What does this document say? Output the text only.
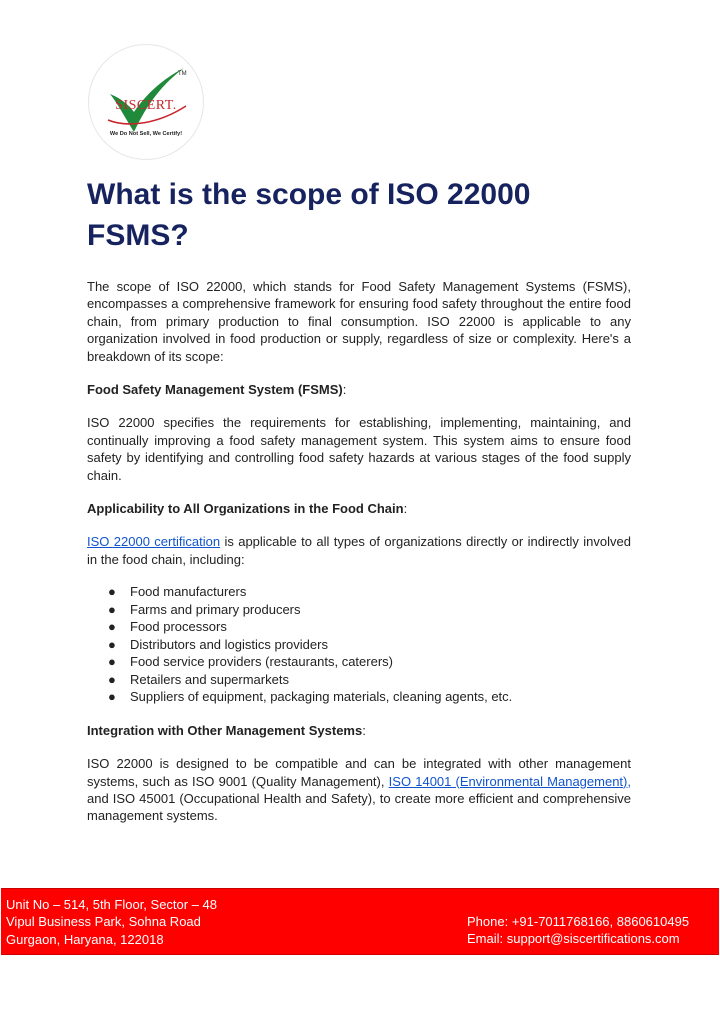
TM
SISCERT.
We Do Not Sell, We Certify!
What is the scope of ISO 22000 FSMS?

The scope of ISO 22000, which stands for Food Safety Management Systems (FSMS), encompasses a comprehensive framework for ensuring food safety throughout the entire food chain, from primary production to final consumption. ISO 22000 is applicable to any organization involved in food production or supply, regardless of size or complexity. Here's a breakdown of its scope:

Food Safety Management System (FSMS):

ISO 22000 specifies the requirements for establishing, implementing, maintaining, and continually improving a food safety management system. This system aims to ensure food safety by identifying and controlling food safety hazards at various stages of the food supply chain.

Applicability to All Organizations in the Food Chain:

ISO 22000 certification is applicable to all types of organizations directly or indirectly involved in the food chain, including:

● Food manufacturers
● Farms and primary producers
● Food processors
● Distributors and logistics providers
● Food service providers (restaurants, caterers)
● Retailers and supermarkets
● Suppliers of equipment, packaging materials, cleaning agents, etc.
Integration with Other Management Systems:

ISO 22000 is designed to be compatible and can be integrated with other management systems, such as ISO 9001 (Quality Management), ISO 14001 (Environmental Management), and ISO 45001 (Occupational Health and Safety), to create more efficient and comprehensive management systems.

Unit No – 514, 5th Floor, Sector – 48
Vipul Business Park, Sohna Road
Gurgaon, Haryana, 122018
Phone: +91-7011768166, 8860610495
Email: support@siscertifications.com
